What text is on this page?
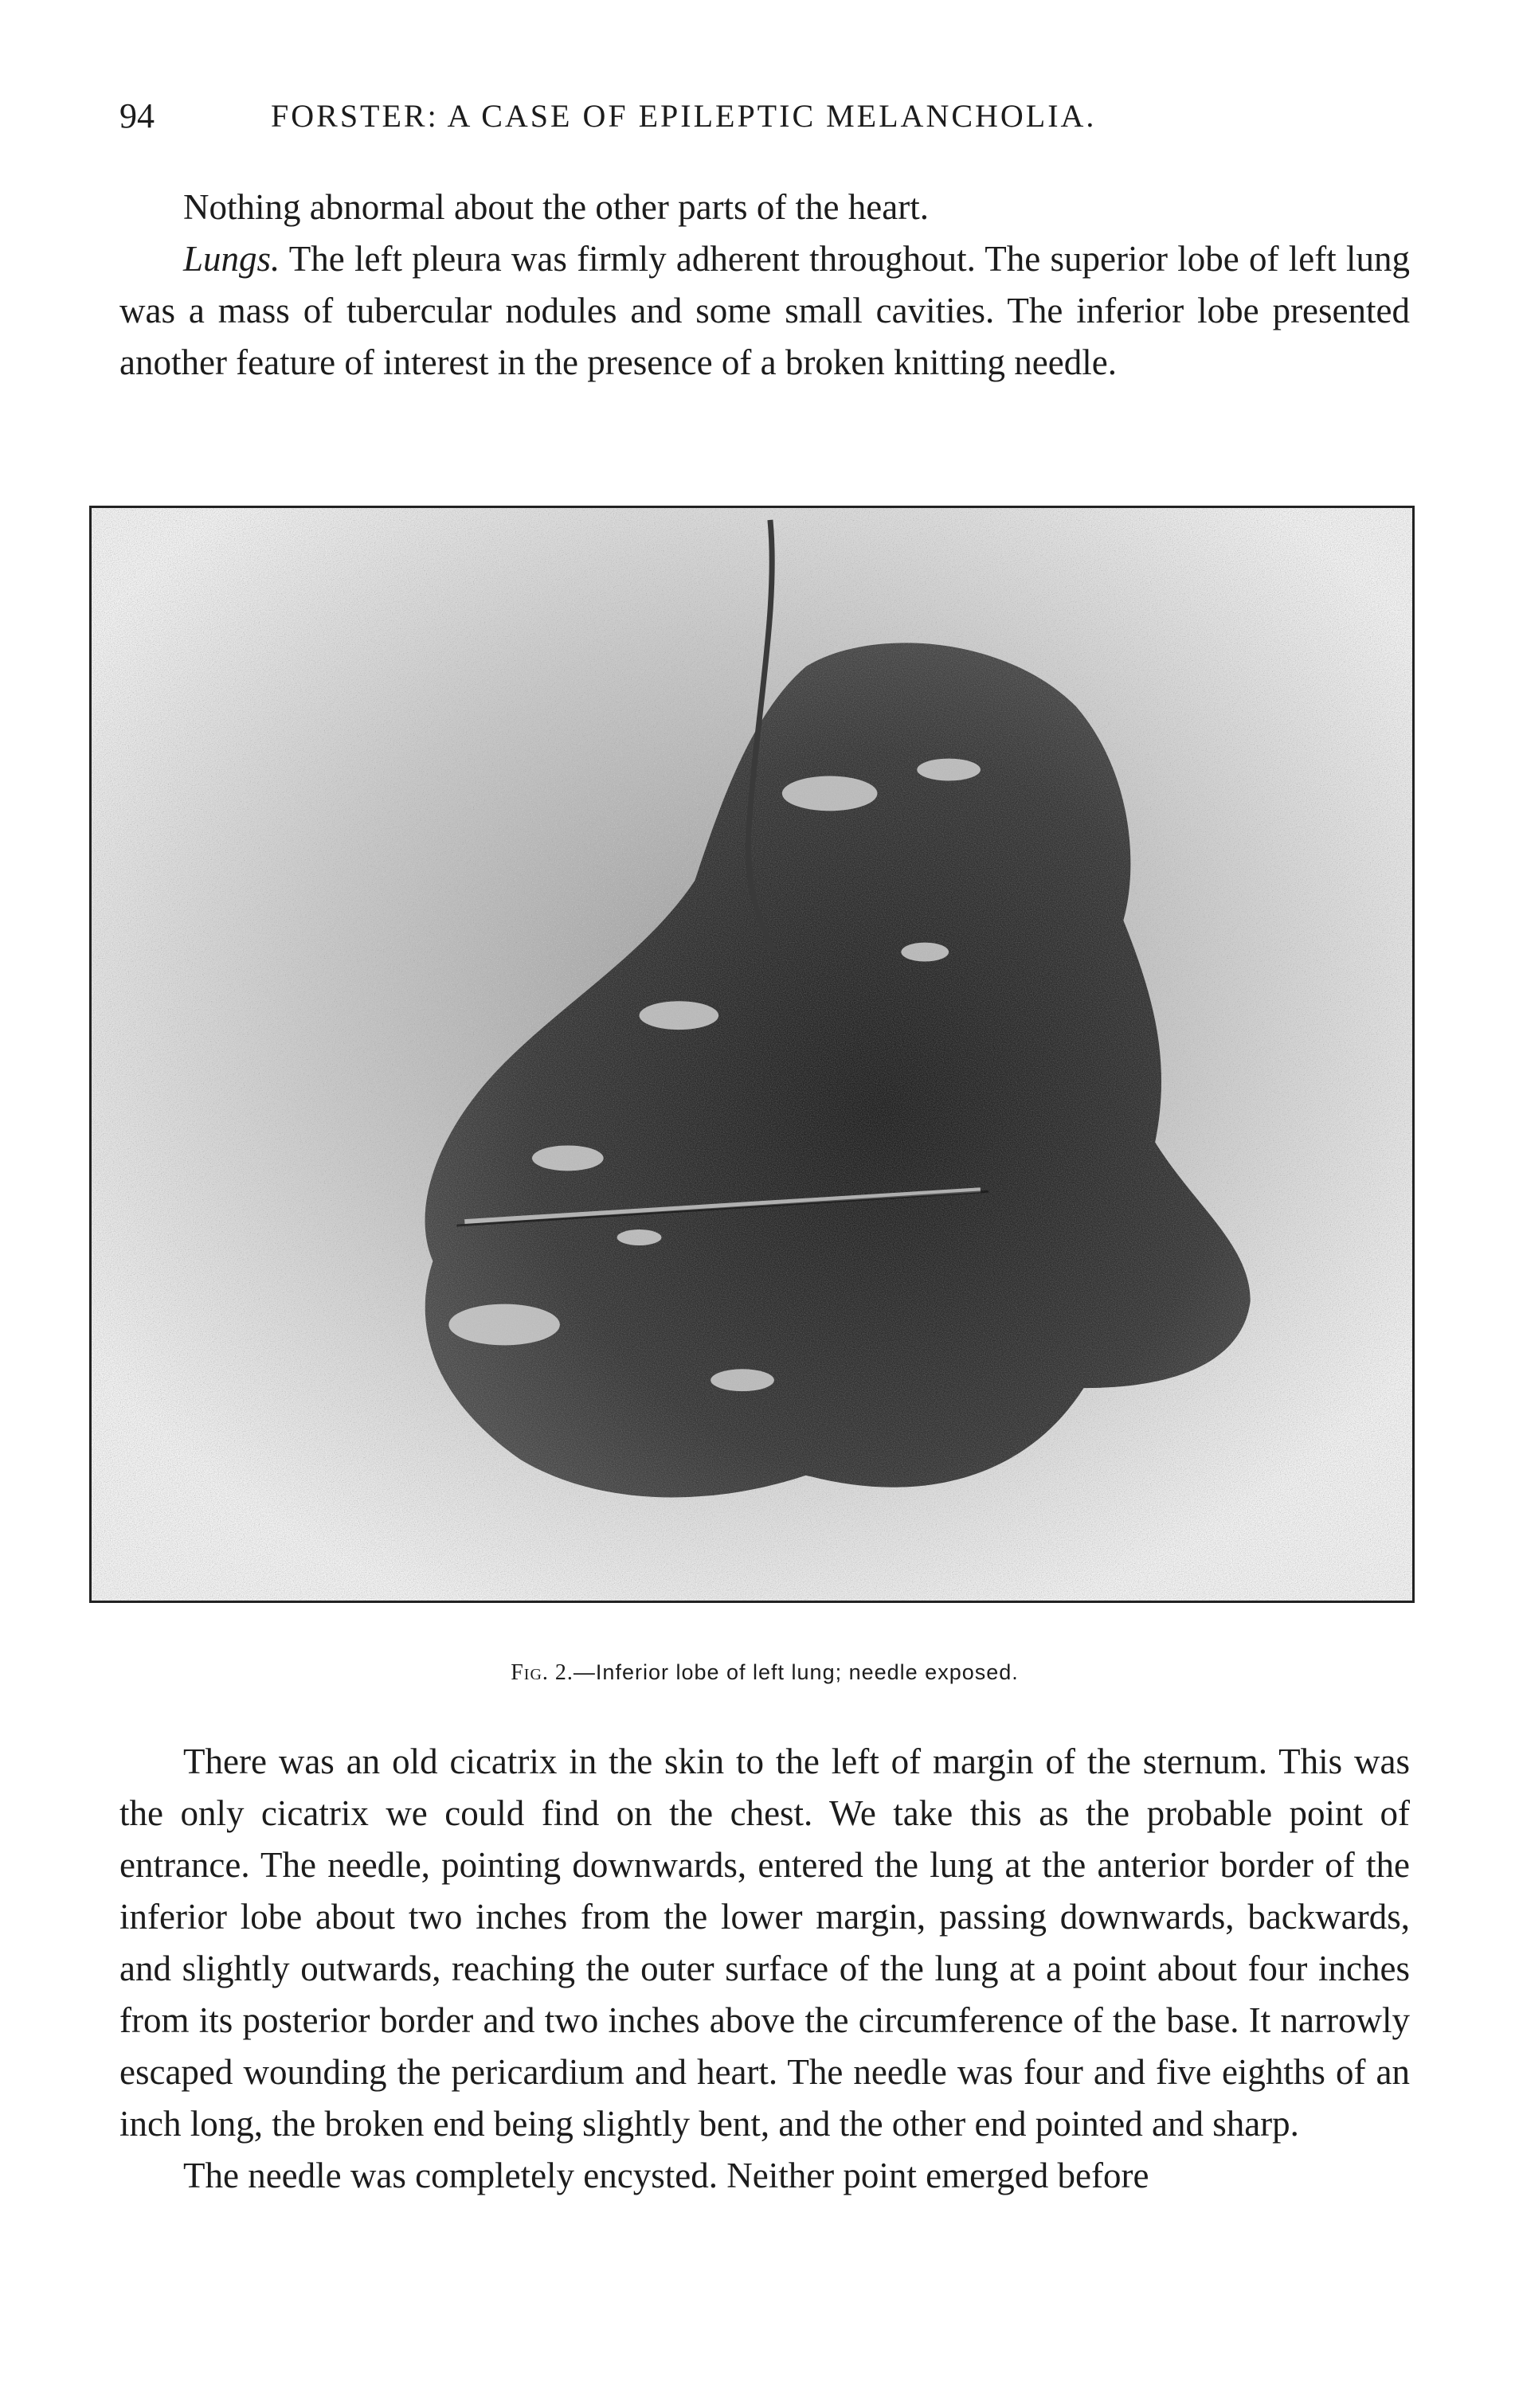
94	FORSTER: A CASE OF EPILEPTIC MELANCHOLIA.

Nothing abnormal about the other parts of the heart.

Lungs. The left pleura was firmly adherent throughout. The superior lobe of left lung was a mass of tubercular nodules and some small cavities. The inferior lobe presented another feature of interest in the presence of a broken knitting needle.

Fig. 2.—Inferior lobe of left lung; needle exposed.

There was an old cicatrix in the skin to the left of margin of the sternum. This was the only cicatrix we could find on the chest. We take this as the probable point of entrance. The needle, pointing downwards, entered the lung at the anterior border of the inferior lobe about two inches from the lower margin, passing downwards, backwards, and slightly outwards, reaching the outer surface of the lung at a point about four inches from its posterior border and two inches above the circumference of the base. It narrowly escaped wounding the pericardium and heart. The needle was four and five eighths of an inch long, the broken end being slightly bent, and the other end pointed and sharp.

The needle was completely encysted. Neither point emerged before
